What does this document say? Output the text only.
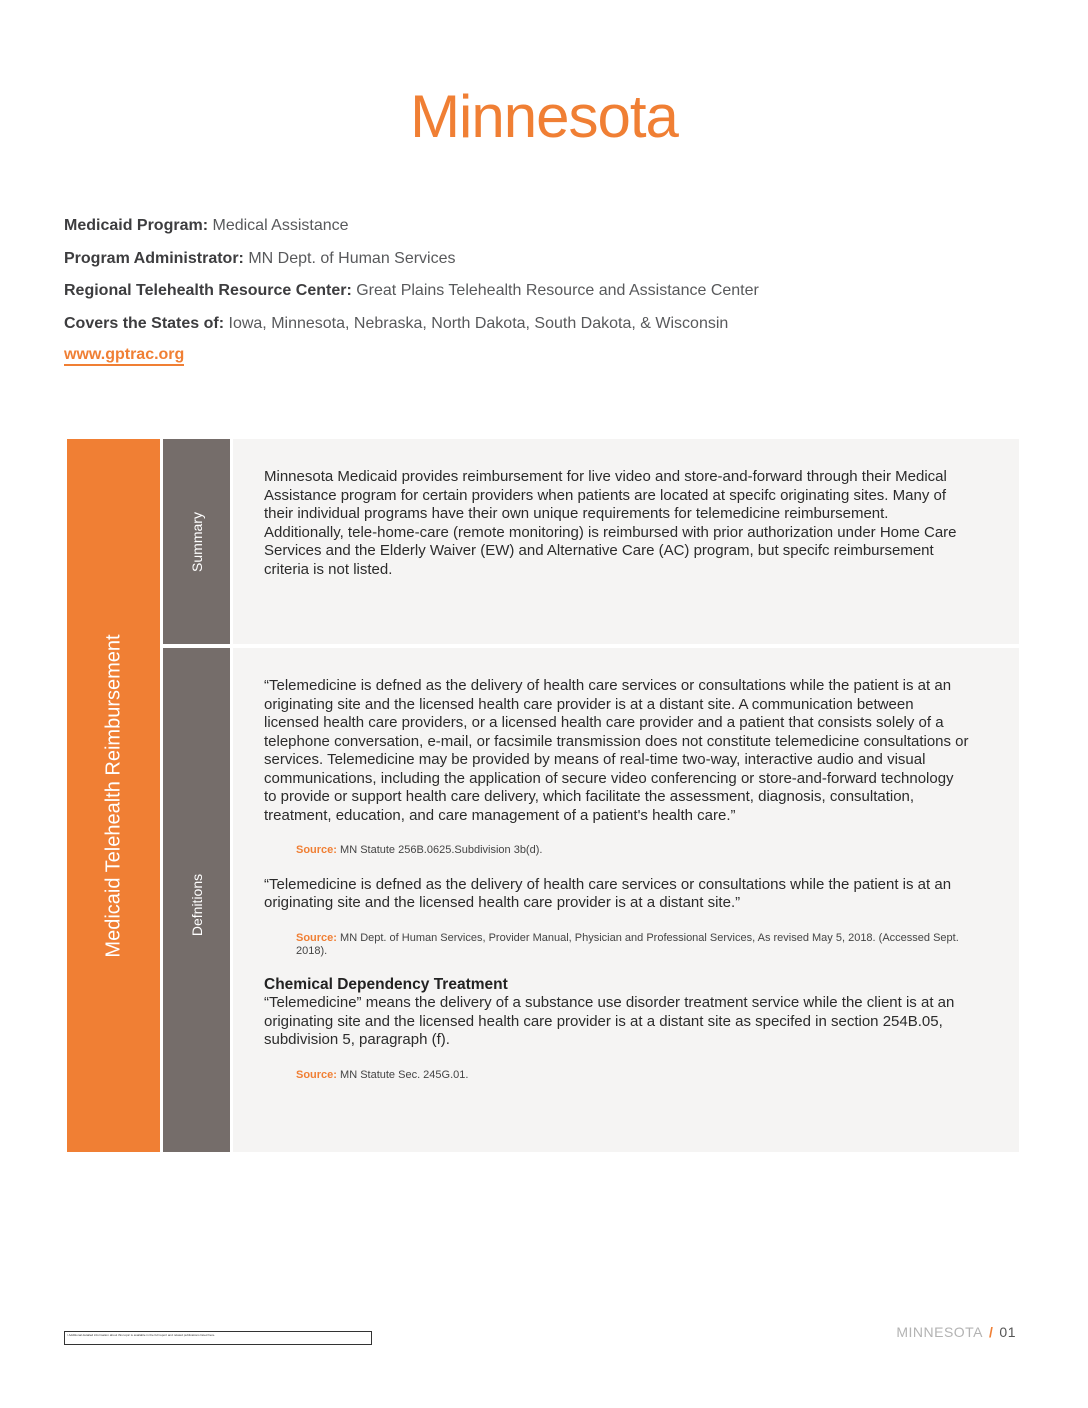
Minnesota
Medicaid Program: Medical Assistance
Program Administrator: MN Dept. of Human Services
Regional Telehealth Resource Center: Great Plains Telehealth Resource and Assistance Center
Covers the States of: Iowa, Minnesota, Nebraska, North Dakota, South Dakota, & Wisconsin
www.gptrac.org
Medicaid Telehealth Reimbursement
Summary

Minnesota Medicaid provides reimbursement for live video and store-and-forward through their Medical Assistance program for certain providers when patients are located at specifc originating sites. Many of their individual programs have their own unique requirements for telemedicine reimbursement. Additionally, tele-home-care (remote monitoring) is reimbursed with prior authorization under Home Care Services and the Elderly Waiver (EW) and Alternative Care (AC) program, but specifc reimbursement criteria is not listed.

Defnitions

“Telemedicine is defned as the delivery of health care services or consultations while the patient is at an originating site and the licensed health care provider is at a distant site. A communication between licensed health care providers, or a licensed health care provider and a patient that consists solely of a telephone conversation, e-mail, or facsimile transmission does not constitute telemedicine consultations or services. Telemedicine may be provided by means of real-time two-way, interactive audio and visual communications, including the application of secure video conferencing or store-and-forward technology to provide or support health care delivery, which facilitate the assessment, diagnosis, consultation, treatment, education, and care management of a patient's health care.”

Source: MN Statute 256B.0625.Subdivision 3b(d).

“Telemedicine is defned as the delivery of health care services or consultations while the patient is at an originating site and the licensed health care provider is at a distant site.”

Source: MN Dept. of Human Services, Provider Manual, Physician and Professional Services, As revised May 5, 2018. (Accessed Sept. 2018).

Chemical Dependency Treatment

“Telemedicine” means the delivery of a substance use disorder treatment service while the client is at an originating site and the licensed health care provider is at a distant site as specifed in section 254B.05, subdivision 5, paragraph (f).

Source: MN Statute Sec. 245G.01.

¹ Additional detailed information about this topic is available in the full report and related publications listed here.	MINNESOTA / 01
